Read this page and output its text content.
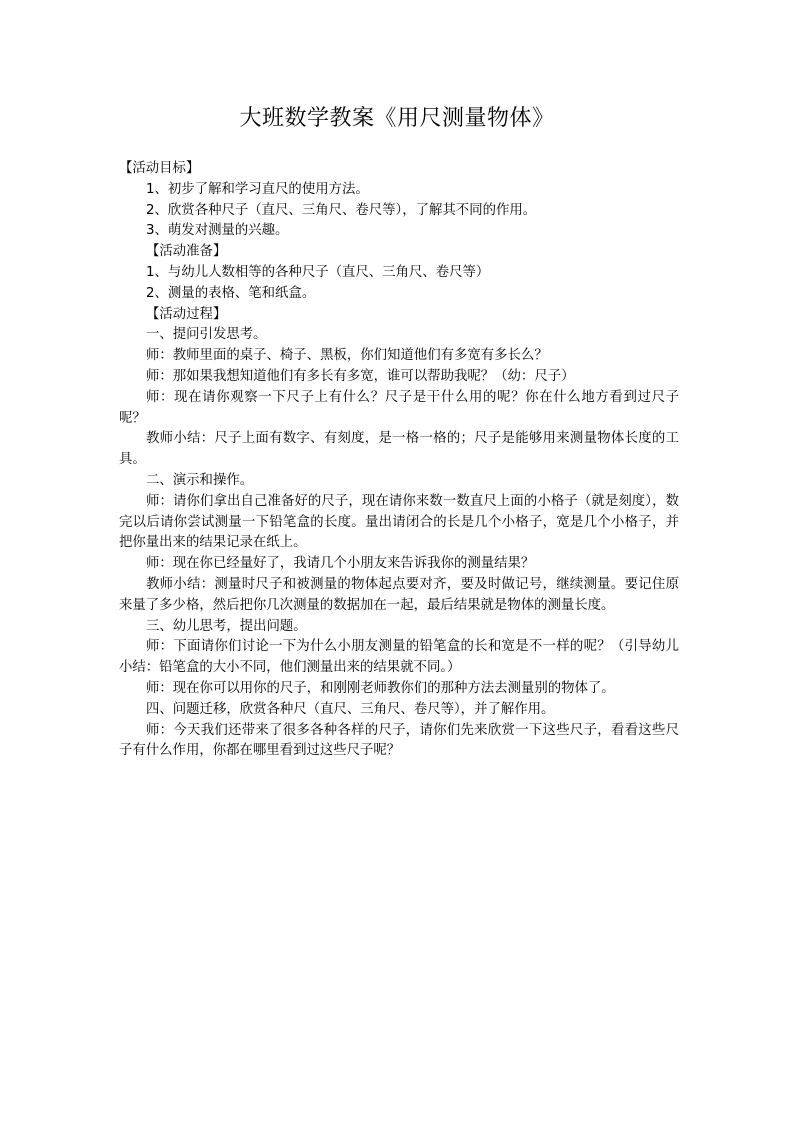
大班数学教案《用尺测量物体》

【活动目标】

1、初步了解和学习直尺的使用方法。

2、欣赏各种尺子（直尺、三角尺、卷尺等），了解其不同的作用。

3、萌发对测量的兴趣。

【活动准备】

1、与幼儿人数相等的各种尺子（直尺、三角尺、卷尺等）

2、测量的表格、笔和纸盒。

【活动过程】

一、提问引发思考。

师：教师里面的桌子、椅子、黑板，你们知道他们有多宽有多长么？

师：那如果我想知道他们有多长有多宽，谁可以帮助我呢？（幼：尺子）

师：现在请你观察一下尺子上有什么？尺子是干什么用的呢？你在什么地方看到过尺子呢？

教师小结：尺子上面有数字、有刻度，是一格一格的；尺子是能够用来测量物体长度的工具。

二、演示和操作。

师：请你们拿出自己准备好的尺子，现在请你来数一数直尺上面的小格子（就是刻度），数完以后请你尝试测量一下铅笔盒的长度。量出请闭合的长是几个小格子，宽是几个小格子，并把你量出来的结果记录在纸上。

师：现在你已经量好了，我请几个小朋友来告诉我你的测量结果？

教师小结：测量时尺子和被测量的物体起点要对齐，要及时做记号，继续测量。要记住原来量了多少格，然后把你几次测量的数据加在一起，最后结果就是物体的测量长度。

三、幼儿思考，提出问题。

师：下面请你们讨论一下为什么小朋友测量的铅笔盒的长和宽是不一样的呢？（引导幼儿小结：铅笔盒的大小不同，他们测量出来的结果就不同。）

师：现在你可以用你的尺子，和刚刚老师教你们的那种方法去测量别的物体了。

四、问题迁移，欣赏各种尺（直尺、三角尺、卷尺等），并了解作用。

师：今天我们还带来了很多各种各样的尺子，请你们先来欣赏一下这些尺子，看看这些尺子有什么作用，你都在哪里看到过这些尺子呢？
